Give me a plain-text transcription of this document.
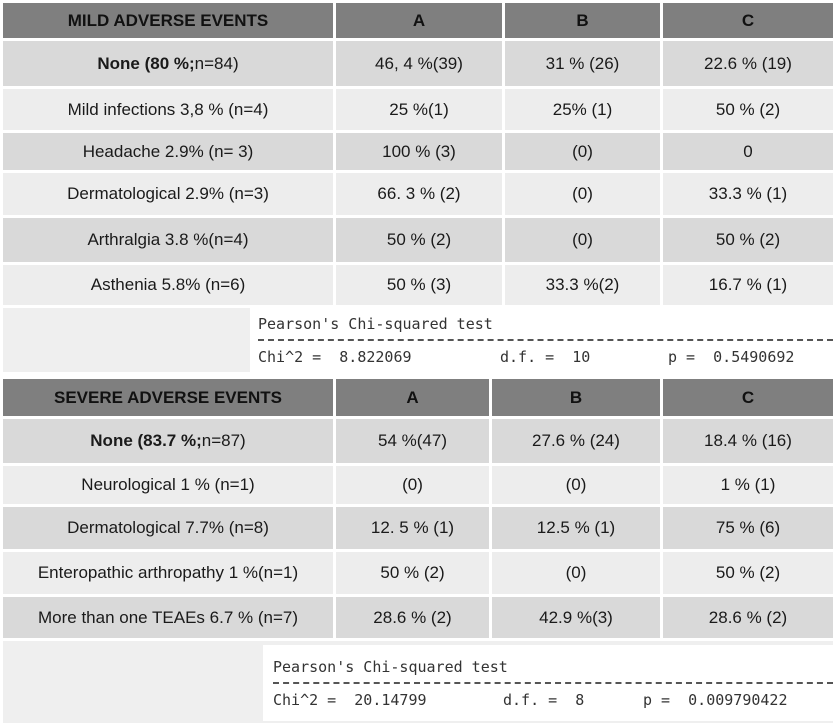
MILD ADVERSE EVENTS	A	B	C
None (80 %; n=84)	46, 4 %(39)	31 % (26)	22.6 % (19)
Mild infections 3,8 % (n=4)	25 %(1)	25% (1)	50 % (2)
Headache 2.9% (n= 3)	100 % (3)	(0)	0
Dermatological 2.9% (n=3)	66. 3 % (2)	(0)	33.3 % (1)
Arthralgia 3.8 %(n=4)	50 % (2)	(0)	50 % (2)
Asthenia 5.8% (n=6)	50 % (3)	33.3 %(2)	16.7 % (1)
Pearson's Chi-squared test
Chi^2 =  8.822069	d.f. =  10	p =  0.5490692
SEVERE ADVERSE EVENTS	A	B	C
None (83.7 %; n=87)	54 %(47)	27.6 % (24)	18.4 % (16)
Neurological 1 % (n=1)	(0)	(0)	1 % (1)
Dermatological 7.7% (n=8)	12. 5 % (1)	12.5 % (1)	75 % (6)
Enteropathic arthropathy 1 %(n=1)	50 % (2)	(0)	50 % (2)
More than one TEAEs 6.7 % (n=7)	28.6 % (2)	42.9 %(3)	28.6 % (2)
Pearson's Chi-squared test
Chi^2 =  20.14799	d.f. =  8	p =  0.009790422
